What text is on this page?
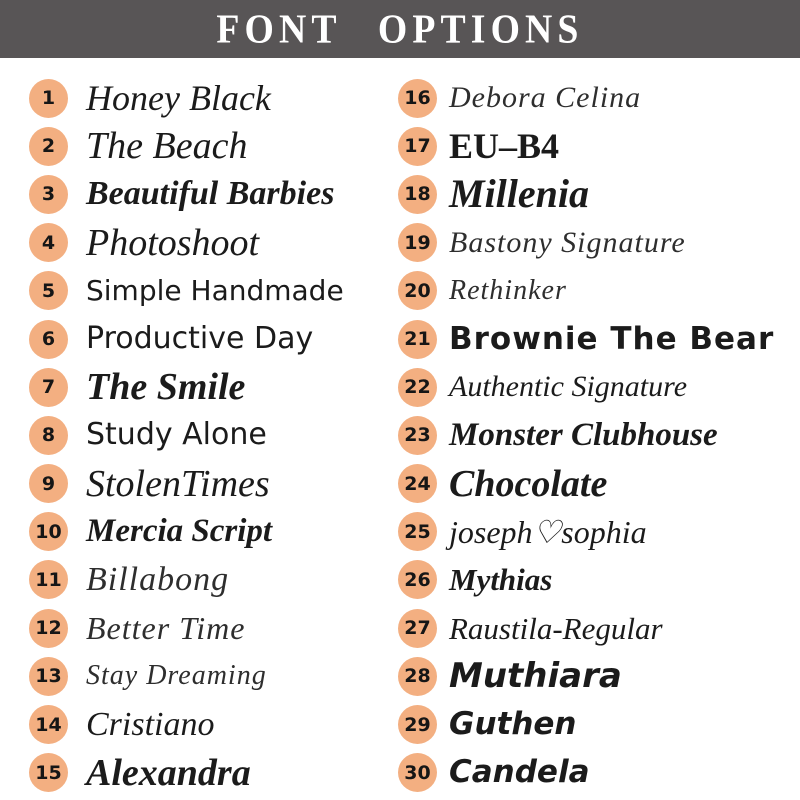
FONT OPTIONS
1 Honey Black
2 The Beach
3 Beautiful Barbies
4 Photoshoot
5	Simple Handmade
6	Productive Day
7 The Smile
8	Study Alone
9 StolenTimes
10 Mercia Script
11 Billabong
12 Better Time
13 Stay Dreaming
14 Cristiano
15 Alexandra
16 Debora Celina
17 EU–B4
18 Millenia
19 Bastony Signature
20 Rethinker
21 Brownie The Bear
22 Authentic Signature
23 Monster Clubhouse
24 Chocolate
25 joseph♡sophia
26 Mythias
27 Raustila-Regular
28 Muthiara
29 Guthen
30 Candela
